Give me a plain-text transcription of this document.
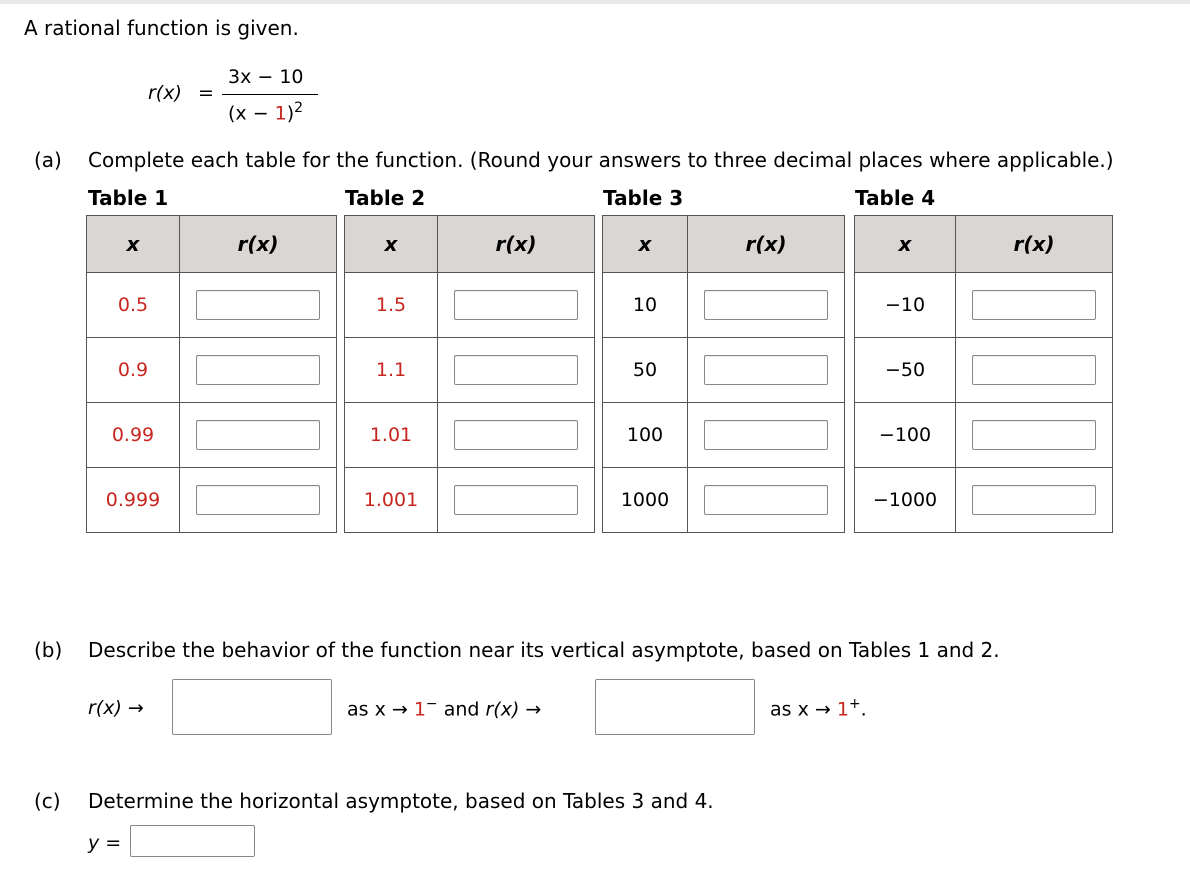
A rational function is given.
r(x) =
3x − 10
$(x - 1)^2$
(a) Complete each table for the function. (Round your answers to three decimal places where applicable.)
Table 1	Table 2	Table 3	Table 4
x	r(x)
0.5	
0.9	
0.99	
0.999	
x	r(x)
1.5	
1.1	
1.01	
1.001	
x	r(x)
10	
50	
100	
1000	
x	r(x)
−10	
−50	
−100	
−1000	
(b) Describe the behavior of the function near its vertical asymptote, based on Tables 1 and 2.
r(x) →	as x → 1− and r(x) →	as x → 1+.
(c) Determine the horizontal asymptote, based on Tables 3 and 4.
y =
